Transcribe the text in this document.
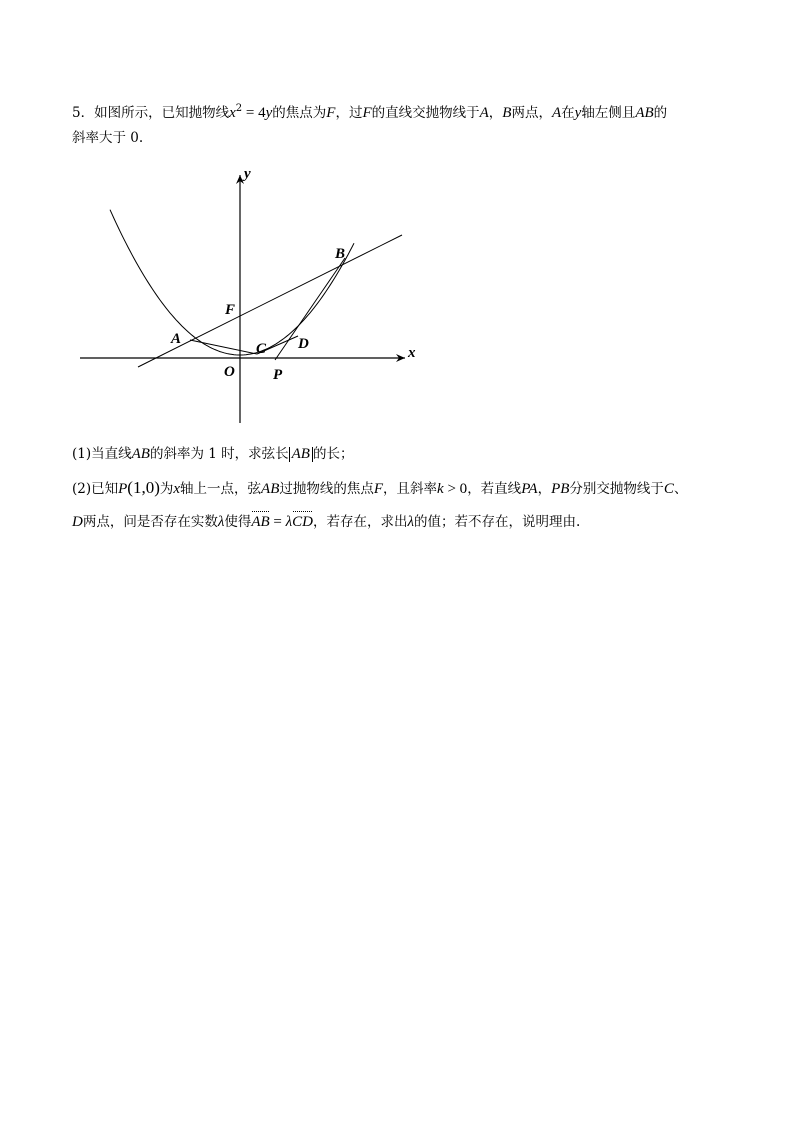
5．如图所示，已知抛物线$x^2 = 4y$的焦点为F，过F的直线交抛物线于A，B两点，A在y轴左侧且AB的
斜率大于 0.
y
x
O
F
A
B
C D
P
(1)当直线AB的斜率为 1 时，求弦长 AB 的长；
(2)已知P(1,0)为x轴上一点，弦AB过抛物线的焦点F，且斜率k > 0，若直线PA，PB分别交抛物线于C、
D两点，问是否存在实数λ使得AB = λCD，若存在，求出λ的值；若不存在，说明理由.
